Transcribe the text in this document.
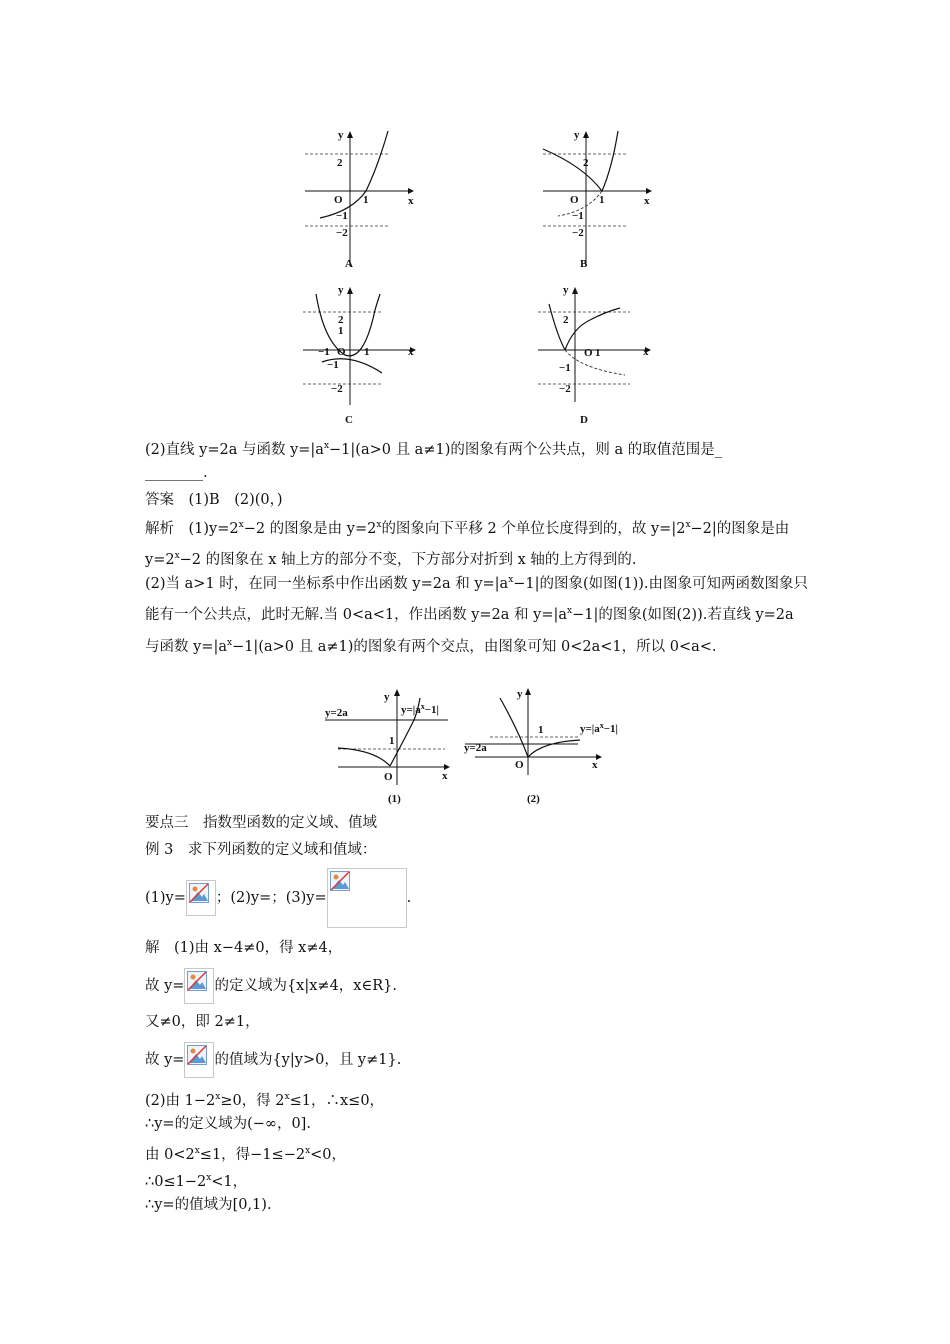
y
x
O
2
1
−1
−2
A
y
x
O
2
1
−1
−2
B
y
x
O
2
1
−1	1
−1
−2
C
y
x
O
2
1
−1
−2
D
(2)直线 y=2a 与函数 $y=|a^x-1|(a>0$ 且 a≠1)的图象有两个公共点，则 a 的取值范围是_
________.
答案　(1)B　(2)(0，)
解析　$(1)y=2^x-2$ 的图象是由 $y=2^x$的图象向下平移 2 个单位长度得到的，故 $y=|2^x-2|$的图象是由 $y=2^x-2$ 的图象在 x 轴上方的部分不变，下方部分对折到 x 轴的上方得到的.
(2)当 a>1 时，在同一坐标系中作出函数 y=2a 和 $y=|a^x-1|$的图象(如图(1)).由图象可知两函数图象只能有一个公共点，此时无解.当 0<a<1，作出函数 y=2a 和 $y=|a^x-1|$的图象(如图(2)).若直线 y=2a 与函数 $y=|a^x-1|(a>0$ 且 a≠1)的图象有两个交点，由图象可知 0<2a<1，所以 0<a<.
y
x
O
y=2a	$y=|a^x-1|$
1
(1)
y
x
O
y=2a
$y=|a^x-1|$
1
(2)
要点三　指数型函数的定义域、值域
例 3　求下列函数的定义域和值域：
(1)y= ；(2)y=；(3)y=	.
解　(1)由 x−4≠0，得 x≠4，
故 y= 的定义域为{x|x≠4，x∈R}.
又≠0，即 2≠1，
故 y= 的值域为{y|y>0，且 y≠1}.
(2)由 $1-2^x\ge 0$，得 $2^x\le 1$，∴x≤0，
∴y=的定义域为(−∞，0].
由 $0<2^x\le 1$，得$-1\le-2^x<0$，
$\therefore 0\le 1-2^x<1$，
∴y=的值域为[0,1).
